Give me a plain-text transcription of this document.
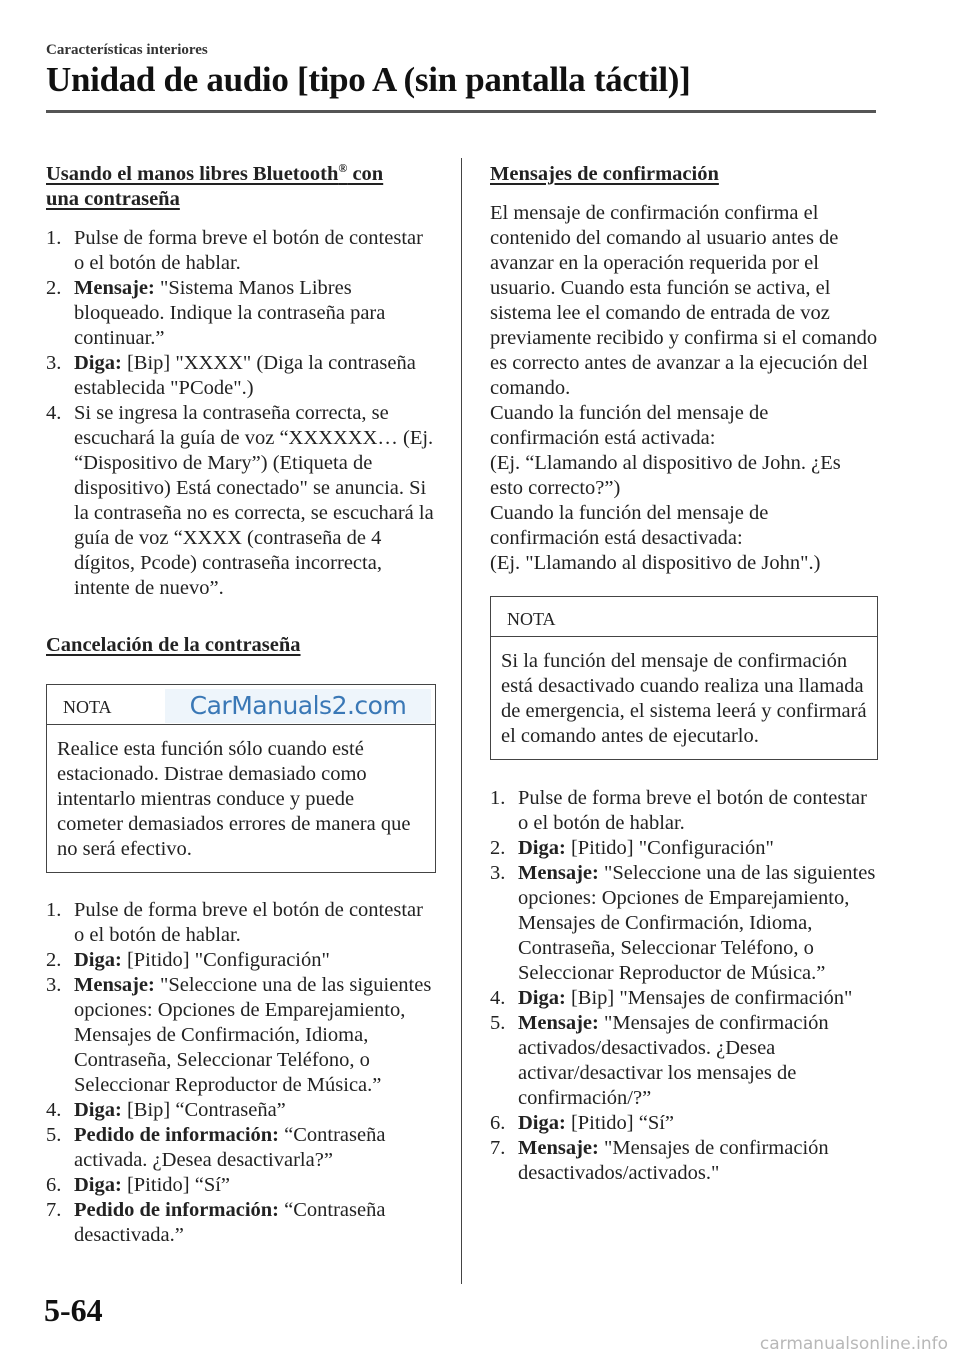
Características interiores
Unidad de audio [tipo A (sin pantalla táctil)]
Usando el manos libres Bluetooth® con
una contraseña
1. Pulse de forma breve el botón de contestar o el botón de hablar.
2. Mensaje: "Sistema Manos Libres bloqueado. Indique la contraseña para continuar.”
3. Diga: [Bip] "XXXX" (Diga la contraseña establecida "PCode".)
4. Si se ingresa la contraseña correcta, se escuchará la guía de voz “XXXXXX… (Ej. “Dispositivo de Mary”) (Etiqueta de dispositivo) Está conectado" se anuncia. Si la contraseña no es correcta, se escuchará la guía de voz “XXXX (contraseña de 4 dígitos, Pcode) contraseña incorrecta, intente de nuevo”.
Cancelación de la contraseña
NOTA	CarManuals2.com
Realice esta función sólo cuando esté estacionado. Distrae demasiado como intentarlo mientras conduce y puede cometer demasiados errores de manera que no será efectivo.
1. Pulse de forma breve el botón de contestar o el botón de hablar.
2. Diga: [Pitido] "Configuración"
3. Mensaje: "Seleccione una de las siguientes opciones: Opciones de Emparejamiento, Mensajes de Confirmación, Idioma, Contraseña, Seleccionar Teléfono, o Seleccionar Reproductor de Música.”
4. Diga: [Bip] “Contraseña”
5. Pedido de información: “Contraseña activada. ¿Desea desactivarla?”
6. Diga: [Pitido] “Sí”
7. Pedido de información: “Contraseña desactivada.”
Mensajes de confirmación

El mensaje de confirmación confirma el contenido del comando al usuario antes de avanzar en la operación requerida por el usuario. Cuando esta función se activa, el sistema lee el comando de entrada de voz previamente recibido y confirma si el comando es correcto antes de avanzar a la ejecución del comando.

Cuando la función del mensaje de confirmación está activada:

(Ej. “Llamando al dispositivo de John. ¿Es esto correcto?”)

Cuando la función del mensaje de confirmación está desactivada:

(Ej. "Llamando al dispositivo de John".)

NOTA
Si la función del mensaje de confirmación está desactivado cuando realiza una llamada de emergencia, el sistema leerá y confirmará el comando antes de ejecutarlo.
1. Pulse de forma breve el botón de contestar o el botón de hablar.
2. Diga: [Pitido] "Configuración"
3. Mensaje: "Seleccione una de las siguientes opciones: Opciones de Emparejamiento, Mensajes de Confirmación, Idioma, Contraseña, Seleccionar Teléfono, o Seleccionar Reproductor de Música.”
4. Diga: [Bip] "Mensajes de confirmación"
5. Mensaje: "Mensajes de confirmación activados/desactivados. ¿Desea activar/desactivar los mensajes de confirmación/?”
6. Diga: [Pitido] “Sí”
7. Mensaje: "Mensajes de confirmación desactivados/activados."
5-64
carmanualsonline.info
